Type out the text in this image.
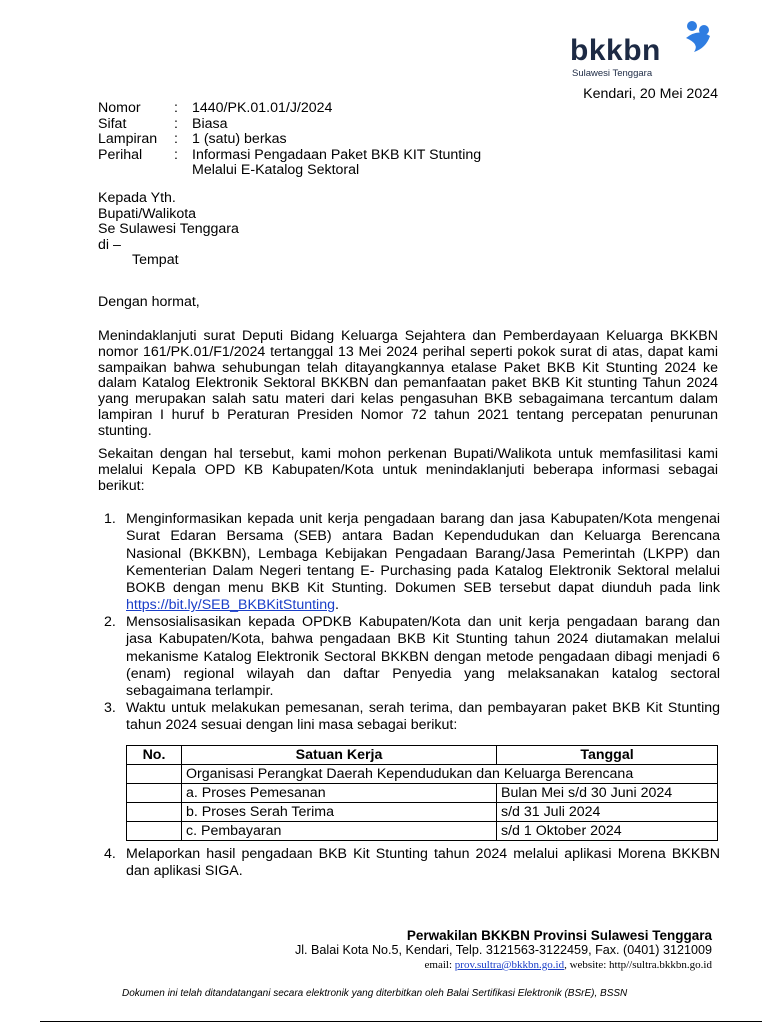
bkkbn
Sulawesi Tenggara
Kendari, 20 Mei 2024
Nomor	: 1440/PK.01.01/J/2024
Sifat	: Biasa
Lampiran	: 1 (satu) berkas
Perihal	: Informasi Pengadaan Paket BKB KIT Stunting
Melalui E-Katalog Sektoral
Kepada Yth.
Bupati/Walikota
Se Sulawesi Tenggara
di –
Tempat
Dengan hormat,
Menindaklanjuti surat Deputi Bidang Keluarga Sejahtera dan Pemberdayaan Keluarga BKKBN nomor 161/PK.01/F1/2024 tertanggal 13 Mei 2024 perihal seperti pokok surat di atas, dapat kami sampaikan bahwa sehubungan telah ditayangkannya etalase Paket BKB Kit Stunting 2024 ke dalam Katalog Elektronik Sektoral BKKBN dan pemanfaatan paket BKB Kit stunting Tahun 2024 yang merupakan salah satu materi dari kelas pengasuhan BKB sebagaimana tercantum dalam lampiran I huruf b Peraturan Presiden Nomor 72 tahun 2021 tentang percepatan penurunan stunting.
Sekaitan dengan hal tersebut, kami mohon perkenan Bupati/Walikota untuk memfasilitasi kami melalui Kepala OPD KB Kabupaten/Kota untuk menindaklanjuti beberapa informasi sebagai berikut:
1. Menginformasikan kepada unit kerja pengadaan barang dan jasa Kabupaten/Kota mengenai Surat Edaran Bersama (SEB) antara Badan Kependudukan dan Keluarga Berencana Nasional (BKKBN), Lembaga Kebijakan Pengadaan Barang/Jasa Pemerintah (LKPP) dan Kementerian Dalam Negeri tentang E- Purchasing pada Katalog Elektronik Sektoral melalui BOKB dengan menu BKB Kit Stunting. Dokumen SEB tersebut dapat diunduh pada link https://bit.ly/SEB_BKBKitStunting.
2. Mensosialisasikan kepada OPDKB Kabupaten/Kota dan unit kerja pengadaan barang dan jasa Kabupaten/Kota, bahwa pengadaan BKB Kit Stunting tahun 2024 diutamakan melalui mekanisme Katalog Elektronik Sectoral BKKBN dengan metode pengadaan dibagi menjadi 6 (enam) regional wilayah dan daftar Penyedia yang melaksanakan katalog sectoral sebagaimana terlampir.
3. Waktu untuk melakukan pemesanan, serah terima, dan pembayaran paket BKB Kit Stunting tahun 2024 sesuai dengan lini masa sebagai berikut:
4. Melaporkan hasil pengadaan BKB Kit Stunting tahun 2024 melalui aplikasi Morena BKKBN dan aplikasi SIGA.
No.	Satuan Kerja	Tanggal
	Organisasi Perangkat Daerah Kependudukan dan Keluarga Berencana	
	a. Proses Pemesanan	Bulan Mei s/d 30 Juni 2024
	b. Proses Serah Terima	s/d 31 Juli 2024
	c. Pembayaran	s/d 1 Oktober 2024
Perwakilan BKKBN Provinsi Sulawesi Tenggara
Jl. Balai Kota No.5, Kendari, Telp. 3121563-3122459, Fax. (0401) 3121009
email: prov.sultra@bkkbn.go.id, website: http//sultra.bkkbn.go.id
Dokumen ini telah ditandatangani secara elektronik yang diterbitkan oleh Balai Sertifikasi Elektronik (BSrE), BSSN
